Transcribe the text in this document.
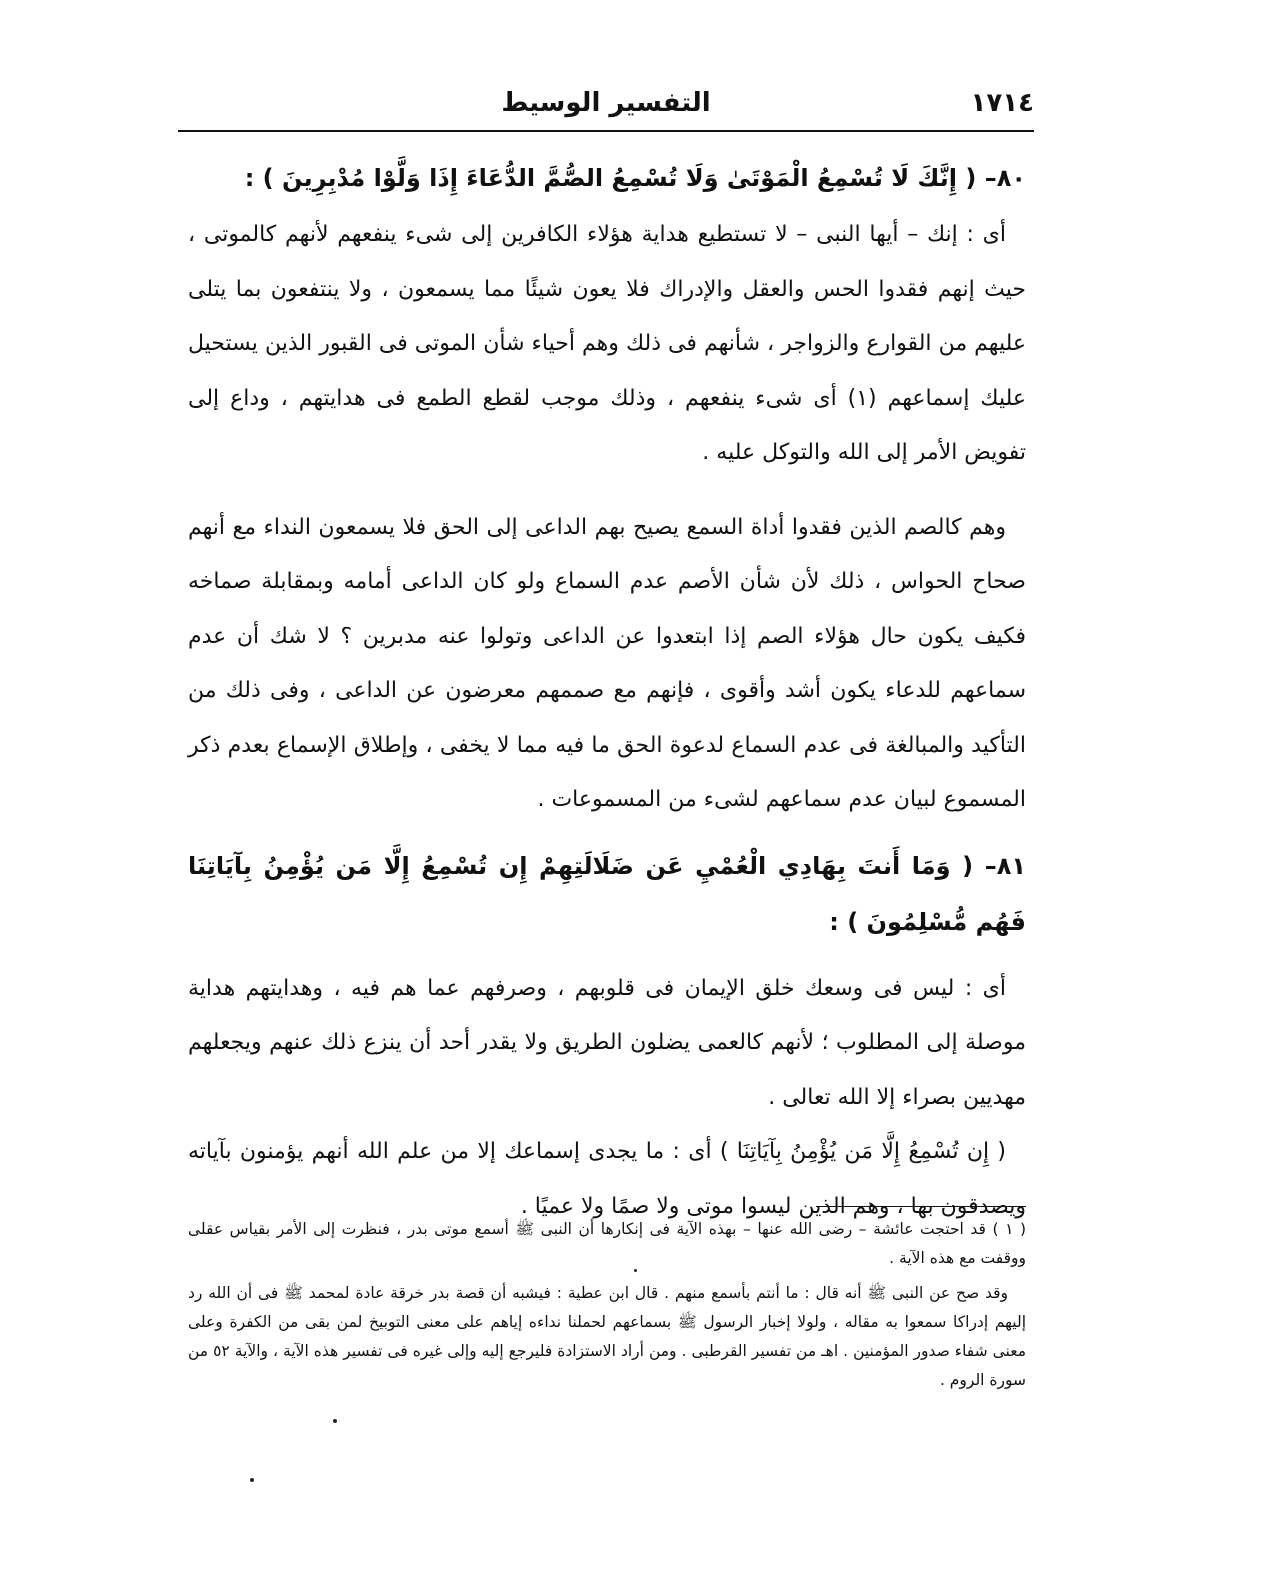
١٧١٤
التفسير الوسيط

٨٠– ( إِنَّكَ لَا تُسْمِعُ الْمَوْتَىٰ وَلَا تُسْمِعُ الصُّمَّ الدُّعَاءَ إِذَا وَلَّوْا مُدْبِرِينَ ) :

أى : إنك – أيها النبى – لا تستطيع هداية هؤلاء الكافرين إلى شىء ينفعهم لأنهم كالموتى ، حيث إنهم فقدوا الحس والعقل والإدراك فلا يعون شيئًا مما يسمعون ، ولا ينتفعون بما يتلى عليهم من القوارع والزواجر ، شأنهم فى ذلك وهم أحياء شأن الموتى فى القبور الذين يستحيل عليك إسماعهم (١) أى شىء ينفعهم ، وذلك موجب لقطع الطمع فى هدايتهم ، وداع إلى تفويض الأمر إلى الله والتوكل عليه .

وهم كالصم الذين فقدوا أداة السمع يصيح بهم الداعى إلى الحق فلا يسمعون النداء مع أنهم صحاح الحواس ، ذلك لأن شأن الأصم عدم السماع ولو كان الداعى أمامه وبمقابلة صماخه فكيف يكون حال هؤلاء الصم إذا ابتعدوا عن الداعى وتولوا عنه مدبرين ؟ لا شك أن عدم سماعهم للدعاء يكون أشد وأقوى ، فإنهم مع صممهم معرضون عن الداعى ، وفى ذلك من التأكيد والمبالغة فى عدم السماع لدعوة الحق ما فيه مما لا يخفى ، وإطلاق الإسماع بعدم ذكر المسموع لبيان عدم سماعهم لشىء من المسموعات .

٨١– ( وَمَا أَنتَ بِهَادِي الْعُمْيِ عَن ضَلَالَتِهِمْ إِن تُسْمِعُ إِلَّا مَن يُؤْمِنُ بِآيَاتِنَا فَهُم مُّسْلِمُونَ ) :

أى : ليس فى وسعك خلق الإيمان فى قلوبهم ، وصرفهم عما هم فيه ، وهدايتهم هداية موصلة إلى المطلوب ؛ لأنهم كالعمى يضلون الطريق ولا يقدر أحد أن ينزع ذلك عنهم ويجعلهم مهديين بصراء إلا الله تعالى .

( إِن تُسْمِعُ إِلَّا مَن يُؤْمِنُ بِآيَاتِنَا ) أى : ما يجدى إسماعك إلا من علم الله أنهم يؤمنون بآياته ويصدقون بها ، وهم الذين ليسوا موتى ولا صمًا ولا عميًا .

( ١ ) قد احتجت عائشة – رضى الله عنها – بهذه الآية فى إنكارها أن النبى ﷺ أسمع موتى بدر ، فنظرت إلى الأمر بقياس عقلى ووقفت مع هذه الآية .

وقد صح عن النبى ﷺ أنه قال : ما أنتم بأسمع منهم . قال ابن عطية : فيشبه أن قصة بدر خرقة عادة لمحمد ﷺ فى أن الله رد إليهم إدراكا سمعوا به مقاله ، ولولا إخبار الرسول ﷺ بسماعهم لحملنا نداءه إياهم على معنى التوبيخ لمن بقى من الكفرة وعلى معنى شفاء صدور المؤمنين . اهـ من تفسير القرطبى . ومن أراد الاستزادة فليرجع إليه وإلى غيره فى تفسير هذه الآية ، والآية ٥٢ من سورة الروم .
